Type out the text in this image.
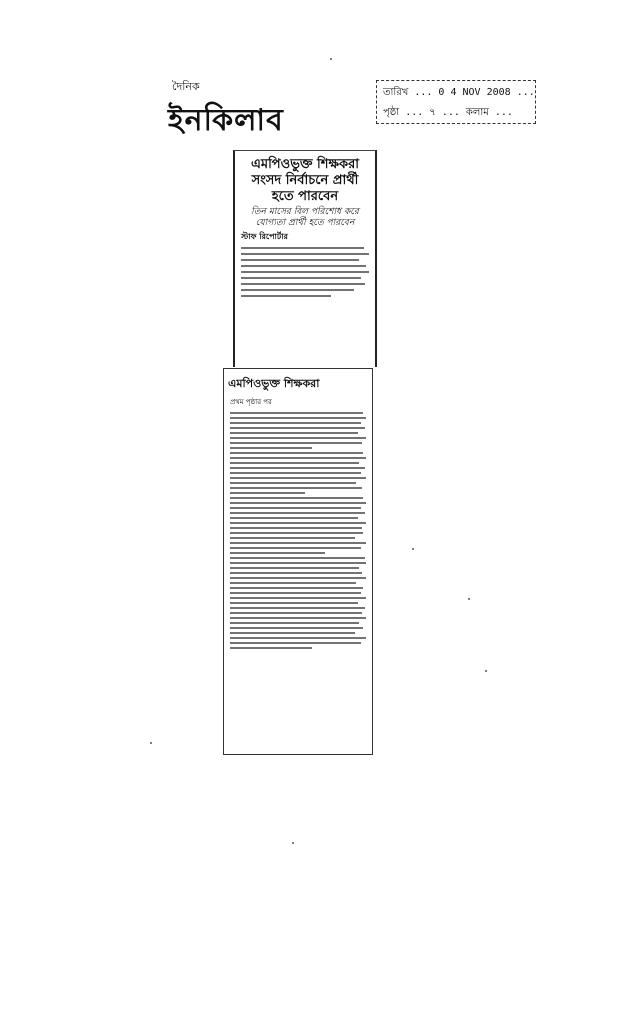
দৈনিক
ইনকিলাব
তারিখ ... 0 4 NOV 2008 ...
পৃষ্ঠা ... ৭ ... কলাম ...
এমপিওভুক্ত শিক্ষকরা সংসদ নির্বাচনে প্রার্থী হতে পারবেন
তিন মাসের বিল পরিশোধ করে যোগ্যতা প্রার্থী হতে পারবেন
স্টাফ রিপোর্টার
এমপিওভুক্ত শিক্ষকরা
প্রথম পৃষ্ঠার পর
